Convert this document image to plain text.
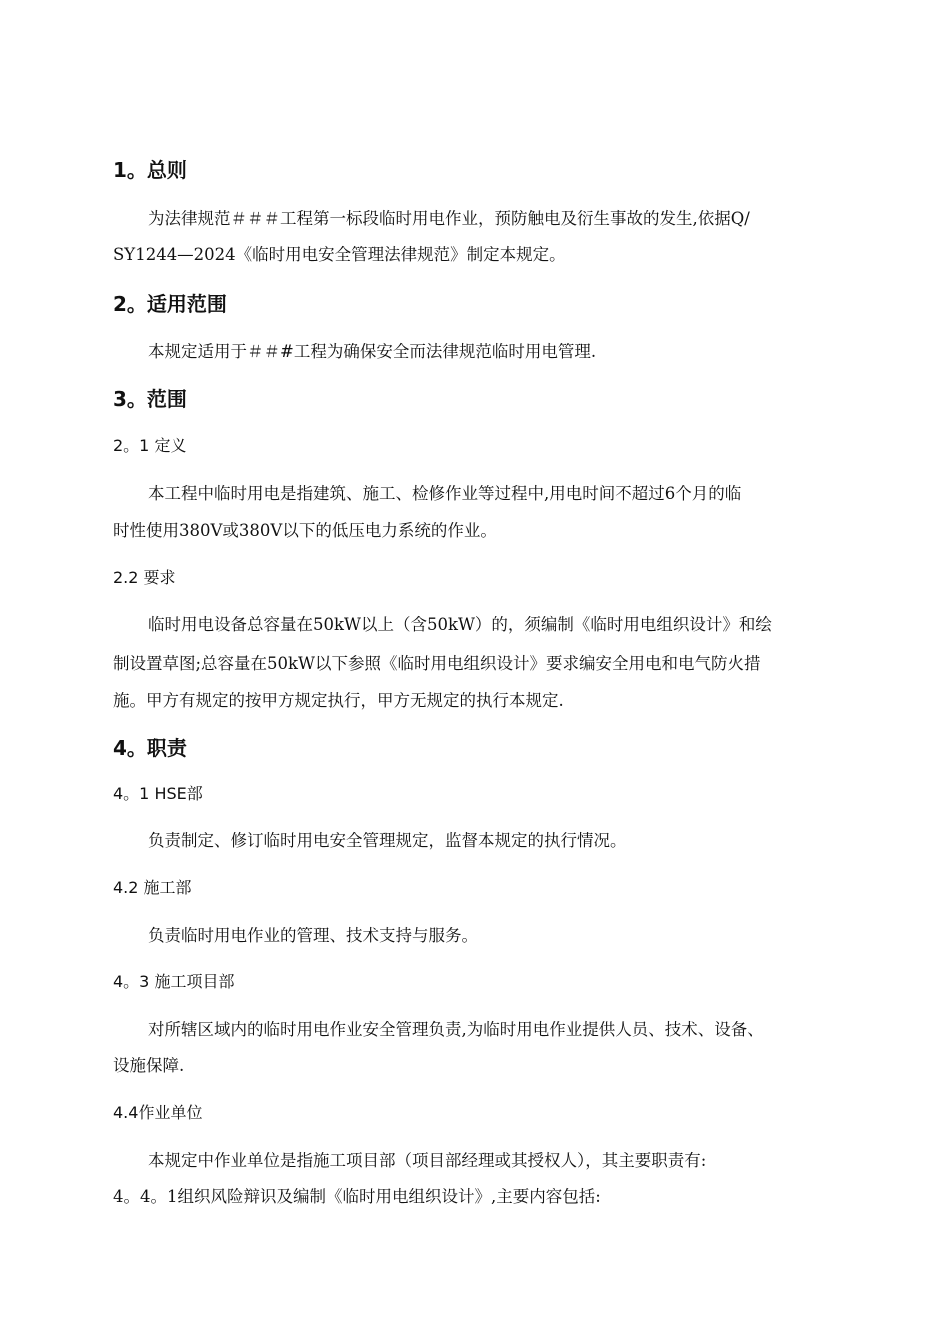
1。总则
为法律规范＃＃＃工程第一标段临时用电作业，预防触电及衍生事故的发生,依据Q/
SY1244—2024《临时用电安全管理法律规范》制定本规定。
2。适用范围
本规定适用于＃＃#工程为确保安全而法律规范临时用电管理.
3。范围
2。1 定义
本工程中临时用电是指建筑、施工、检修作业等过程中,用电时间不超过6个月的临
时性使用380V或380V以下的低压电力系统的作业。
2.2 要求
临时用电设备总容量在50kW以上（含50kW）的，须编制《临时用电组织设计》和绘
制设置草图;总容量在50kW以下参照《临时用电组织设计》要求编安全用电和电气防火措
施。甲方有规定的按甲方规定执行，甲方无规定的执行本规定.
4。职责
4。1 HSE部
负责制定、修订临时用电安全管理规定，监督本规定的执行情况。
4.2 施工部
负责临时用电作业的管理、技术支持与服务。
4。3 施工项目部
对所辖区域内的临时用电作业安全管理负责,为临时用电作业提供人员、技术、设备、
设施保障.
4.4作业单位
本规定中作业单位是指施工项目部（项目部经理或其授权人），其主要职责有:
4。4。1组织风险辩识及编制《临时用电组织设计》,主要内容包括:
